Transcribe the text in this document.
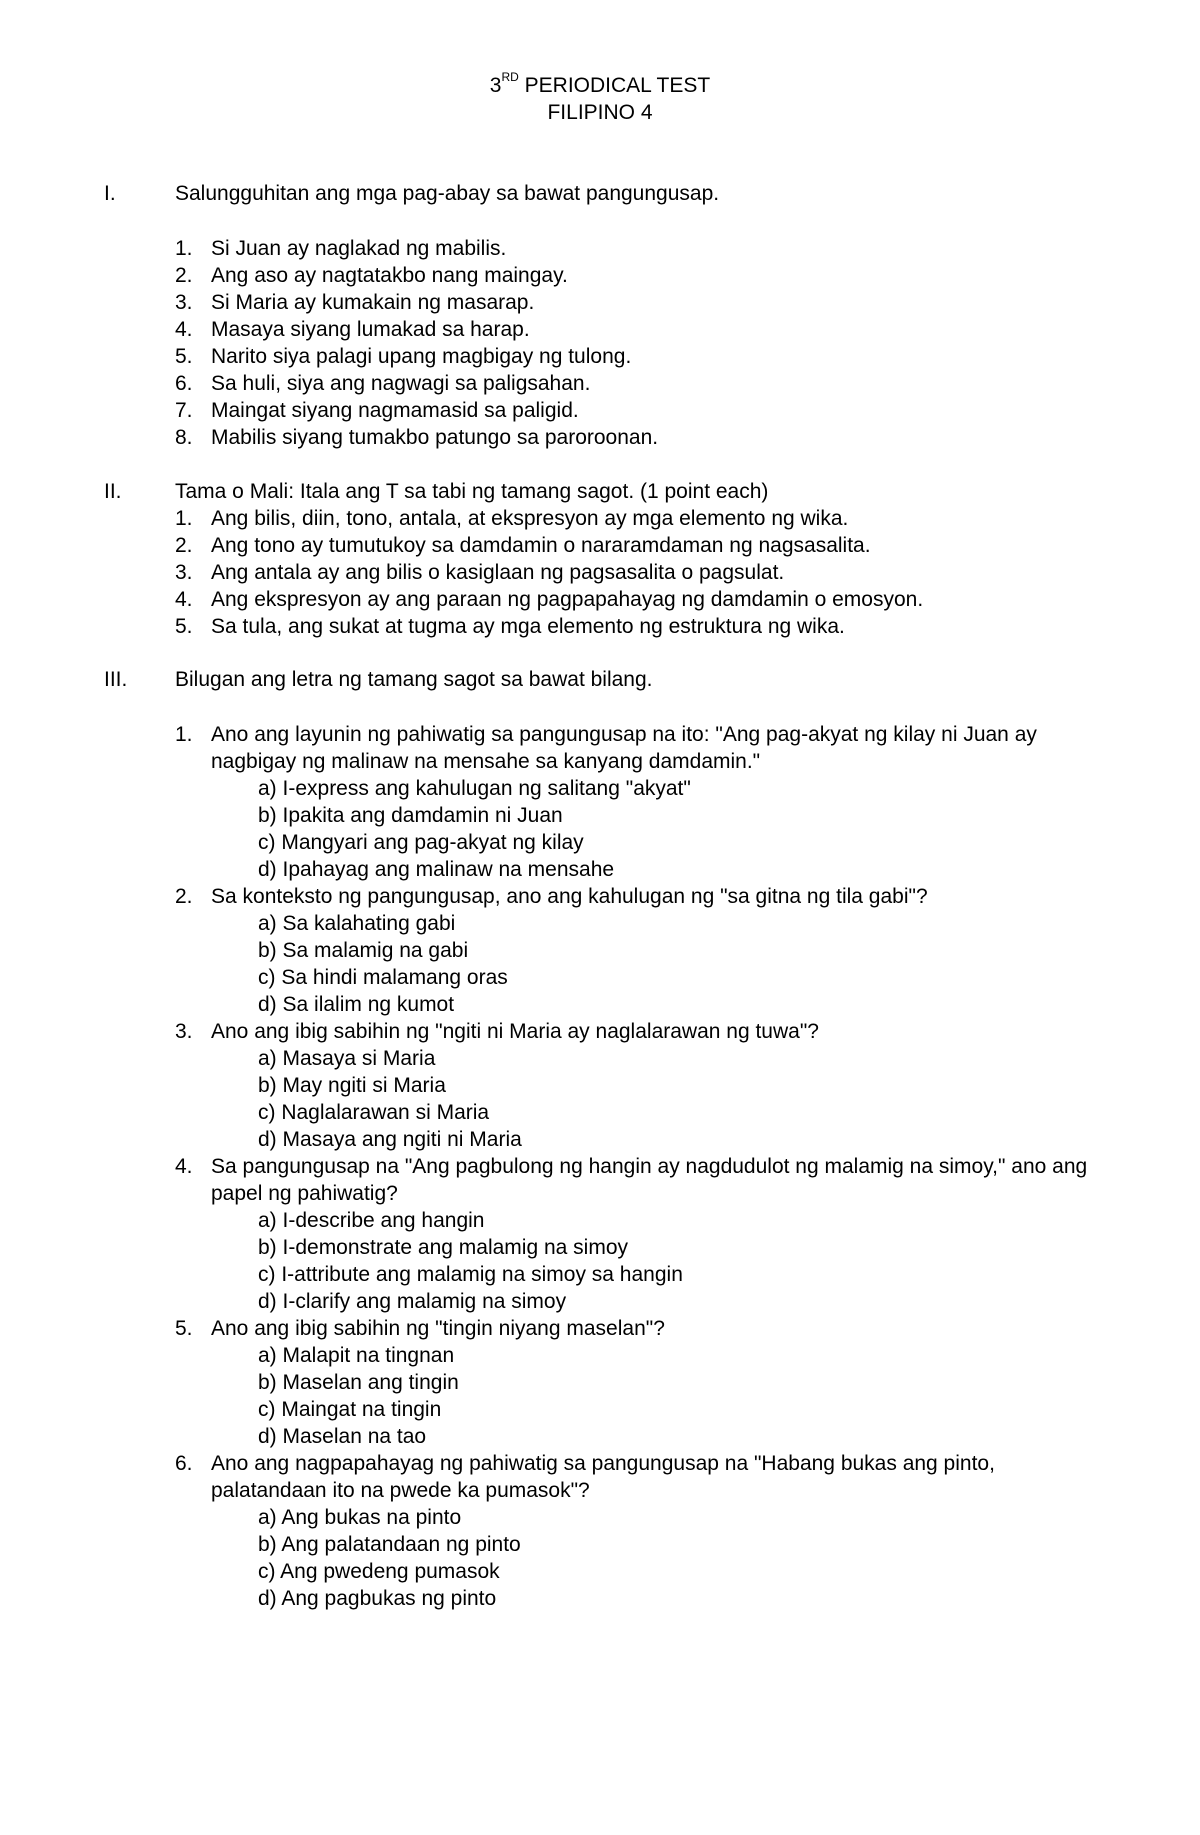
3RD PERIODICAL TEST
FILIPINO 4
I.	Salungguhitan ang mga pag-abay sa bawat pangungusap.
1. Si Juan ay naglakad ng mabilis.
2. Ang aso ay nagtatakbo nang maingay.
3. Si Maria ay kumakain ng masarap.
4. Masaya siyang lumakad sa harap.
5. Narito siya palagi upang magbigay ng tulong.
6. Sa huli, siya ang nagwagi sa paligsahan.
7. Maingat siyang nagmamasid sa paligid.
8. Mabilis siyang tumakbo patungo sa paroroonan.
II.	Tama o Mali: Itala ang T sa tabi ng tamang sagot. (1 point each)
1. Ang bilis, diin, tono, antala, at ekspresyon ay mga elemento ng wika.
2. Ang tono ay tumutukoy sa damdamin o nararamdaman ng nagsasalita.
3. Ang antala ay ang bilis o kasiglaan ng pagsasalita o pagsulat.
4. Ang ekspresyon ay ang paraan ng pagpapahayag ng damdamin o emosyon.
5. Sa tula, ang sukat at tugma ay mga elemento ng estruktura ng wika.
III. Bilugan ang letra ng tamang sagot sa bawat bilang.
1. Ano ang layunin ng pahiwatig sa pangungusap na ito: "Ang pag-akyat ng kilay ni Juan ay nagbigay ng malinaw na mensahe sa kanyang damdamin."
a) I-express ang kahulugan ng salitang "akyat"
b) Ipakita ang damdamin ni Juan
c) Mangyari ang pag-akyat ng kilay
d) Ipahayag ang malinaw na mensahe
2. Sa konteksto ng pangungusap, ano ang kahulugan ng "sa gitna ng tila gabi"?
a) Sa kalahating gabi
b) Sa malamig na gabi
c) Sa hindi malamang oras
d) Sa ilalim ng kumot
3. Ano ang ibig sabihin ng "ngiti ni Maria ay naglalarawan ng tuwa"?
a) Masaya si Maria
b) May ngiti si Maria
c) Naglalarawan si Maria
d) Masaya ang ngiti ni Maria
4. Sa pangungusap na "Ang pagbulong ng hangin ay nagdudulot ng malamig na simoy," ano ang papel ng pahiwatig?
a) I-describe ang hangin
b) I-demonstrate ang malamig na simoy
c) I-attribute ang malamig na simoy sa hangin
d) I-clarify ang malamig na simoy
5. Ano ang ibig sabihin ng "tingin niyang maselan"?
a) Malapit na tingnan
b) Maselan ang tingin
c) Maingat na tingin
d) Maselan na tao
6. Ano ang nagpapahayag ng pahiwatig sa pangungusap na "Habang bukas ang pinto, palatandaan ito na pwede ka pumasok"?
a) Ang bukas na pinto
b) Ang palatandaan ng pinto
c) Ang pwedeng pumasok
d) Ang pagbukas ng pinto
